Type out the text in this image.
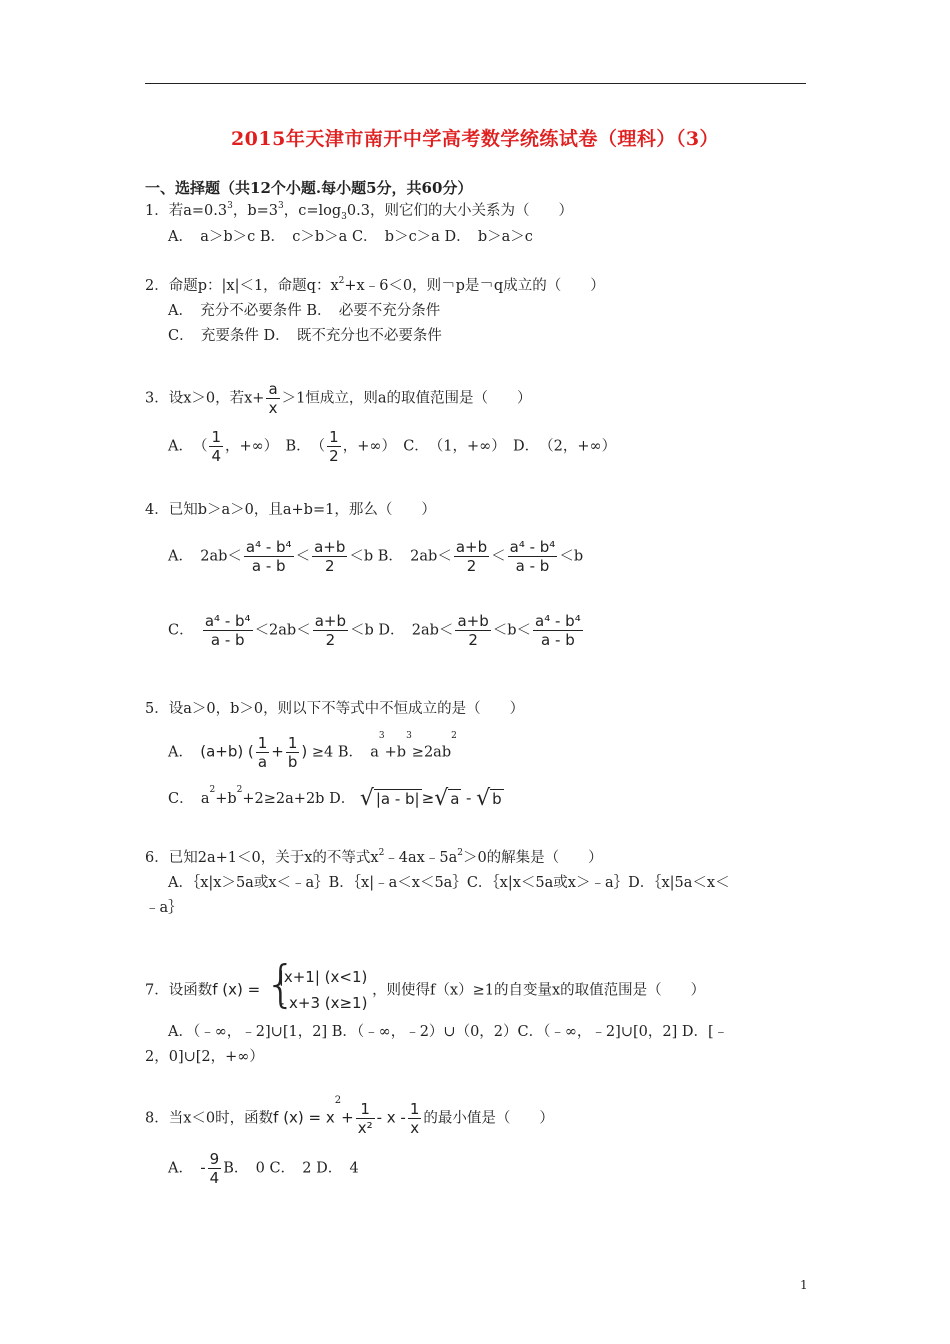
2015年天津市南开中学高考数学统练试卷（理科）（3）
一、选择题（共12个小题.每小题5分，共60分）
1．若$a=0.3^3$，$b=3^3$，$c=\log_30.3$，则它们的大小关系为（　　）
A．　a＞b＞c B．　c＞b＞a C．　b＞c＞a D．　b＞a＞c
2．命题p：|x|＜1，命题q：$x^2+x﹣6<0$，则￢p是￢q成立的（　　）
A．　充分不必要条件 B．　必要不充分条件
C．　充要条件 D．　既不充分也不必要条件
3．设x＞0，若$x+ \frac{a}{x} >1$恒成立，则a的取值范围是（　　）
A．　（ $\frac{1}{4}$ ，+∞）　B．　（ $\frac{1}{2}$ ，+∞）　C．　（1，+∞）　D．　（2，+∞）
4．已知b＞a＞0，且a+b=1，那么（　　）
A．　$2ab< \frac{\text{a⁴ - b⁴}}{a - b} < \frac{a+b}{2} <b$ B．　$2ab< \frac{a+b}{2} < \frac{\text{a⁴ - b⁴}}{a - b} <b$
C．　 $\frac{\text{a⁴ - b⁴}}{a - b} <2ab< \frac{a+b}{2} <b$ D．　$2ab< \frac{a+b}{2} <b< \frac{\text{a⁴ - b⁴}}{a - b}$
5．设a＞0，b＞0，则以下不等式中不恒成立的是（　　）
A．　(a+b) ( $\frac{1}{a} + \frac{1}{b}$ ) ≥4 B．　$a^3+b^3\ge 2ab^2$
C．　$a^2+b^2+2\ge 2a+2b$ D． √ |a - b| ≥√ a - √ b
6．已知2a+1＜0，关于x的不等式$x^2﹣4ax﹣5a^2>0$的解集是（　　）
A．｛x|x＞5a或x＜﹣a｝B．｛x|﹣a＜x＜5a｝C．｛x|x＜5a或x＞﹣a｝D．｛x|5a＜x＜
﹣a｝
7．设函数f (x) = {
|x+1| (x<1)
- x+3 (x≥1)
，则使得f（x）≥1的自变量x的取值范围是（　　）
A．（﹣∞，﹣2]∪[1，2] B．（﹣∞，﹣2）∪（0，2）C．（﹣∞，﹣2]∪[0，2] D．[﹣
2，0]∪[2，+∞）
8．当x＜0时，函数f $(x) = x^2+ \frac{1}{\text{x²}} - x - \frac{1}{x}$ 的最小值是（　　）
A．　- $\frac{9}{4}$ B．　0 C．　2 D．　4
1
